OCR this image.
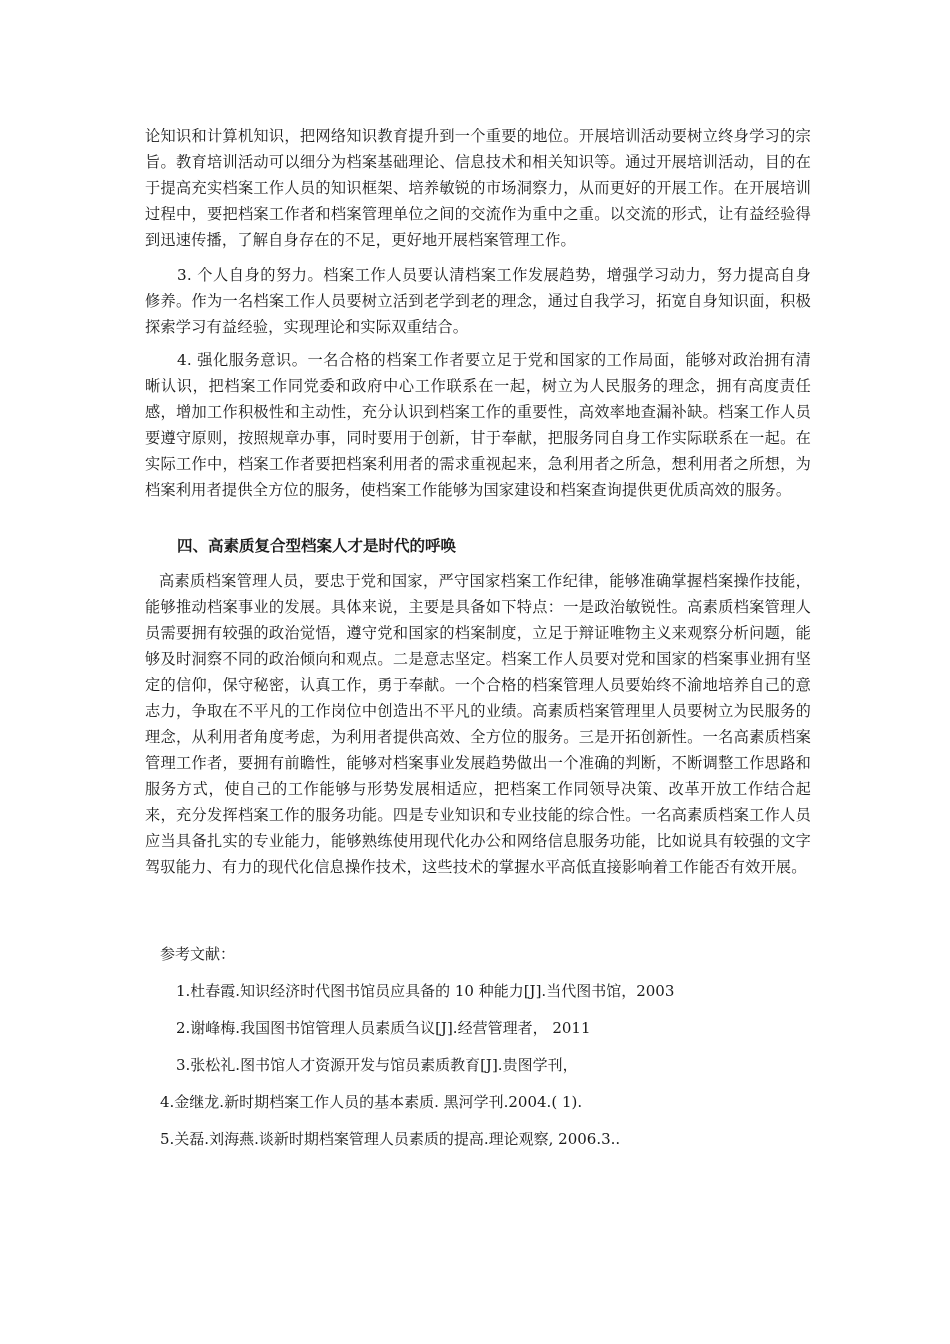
论知识和计算机知识，把网络知识教育提升到一个重要的地位。开展培训活动要树立终身学习的宗旨。教育培训活动可以细分为档案基础理论、信息技术和相关知识等。通过开展培训活动，目的在于提高充实档案工作人员的知识框架、培养敏锐的市场洞察力，从而更好的开展工作。在开展培训过程中，要把档案工作者和档案管理单位之间的交流作为重中之重。以交流的形式，让有益经验得到迅速传播，了解自身存在的不足，更好地开展档案管理工作。

3. 个人自身的努力。档案工作人员要认清档案工作发展趋势，增强学习动力，努力提高自身修养。作为一名档案工作人员要树立活到老学到老的理念，通过自我学习，拓宽自身知识面，积极探索学习有益经验，实现理论和实际双重结合。

4. 强化服务意识。一名合格的档案工作者要立足于党和国家的工作局面，能够对政治拥有清晰认识，把档案工作同党委和政府中心工作联系在一起，树立为人民服务的理念，拥有高度责任感，增加工作积极性和主动性，充分认识到档案工作的重要性，高效率地查漏补缺。档案工作人员要遵守原则，按照规章办事，同时要用于创新，甘于奉献，把服务同自身工作实际联系在一起。在实际工作中，档案工作者要把档案利用者的需求重视起来，急利用者之所急，想利用者之所想，为档案利用者提供全方位的服务，使档案工作能够为国家建设和档案查询提供更优质高效的服务。

四、高素质复合型档案人才是时代的呼唤

高素质档案管理人员，要忠于党和国家，严守国家档案工作纪律，能够准确掌握档案操作技能，能够推动档案事业的发展。具体来说，主要是具备如下特点：一是政治敏锐性。高素质档案管理人员需要拥有较强的政治觉悟，遵守党和国家的档案制度，立足于辩证唯物主义来观察分析问题，能够及时洞察不同的政治倾向和观点。二是意志坚定。档案工作人员要对党和国家的档案事业拥有坚定的信仰，保守秘密，认真工作，勇于奉献。一个合格的档案管理人员要始终不渝地培养自己的意志力，争取在不平凡的工作岗位中创造出不平凡的业绩。高素质档案管理里人员要树立为民服务的理念，从利用者角度考虑，为利用者提供高效、全方位的服务。三是开拓创新性。一名高素质档案管理工作者，要拥有前瞻性，能够对档案事业发展趋势做出一个准确的判断，不断调整工作思路和服务方式，使自己的工作能够与形势发展相适应，把档案工作同领导决策、改革开放工作结合起来，充分发挥档案工作的服务功能。四是专业知识和专业技能的综合性。一名高素质档案工作人员应当具备扎实的专业能力，能够熟练使用现代化办公和网络信息服务功能，比如说具有较强的文字驾驭能力、有力的现代化信息操作技术，这些技术的掌握水平高低直接影响着工作能否有效开展。

参考文献：

1.杜春霞.知识经济时代图书馆员应具备的 10 种能力[J].当代图书馆，2003

2.谢峰梅.我国图书馆管理人员素质刍议[J].经营管理者， 2011

3.张松礼.图书馆人才资源开发与馆员素质教育[J].贵图学刊，

4.金继龙.新时期档案工作人员的基本素质. 黑河学刊.2004.( 1).

5.关磊.刘海燕.谈新时期档案管理人员素质的提高.理论观察, 2006.3..
